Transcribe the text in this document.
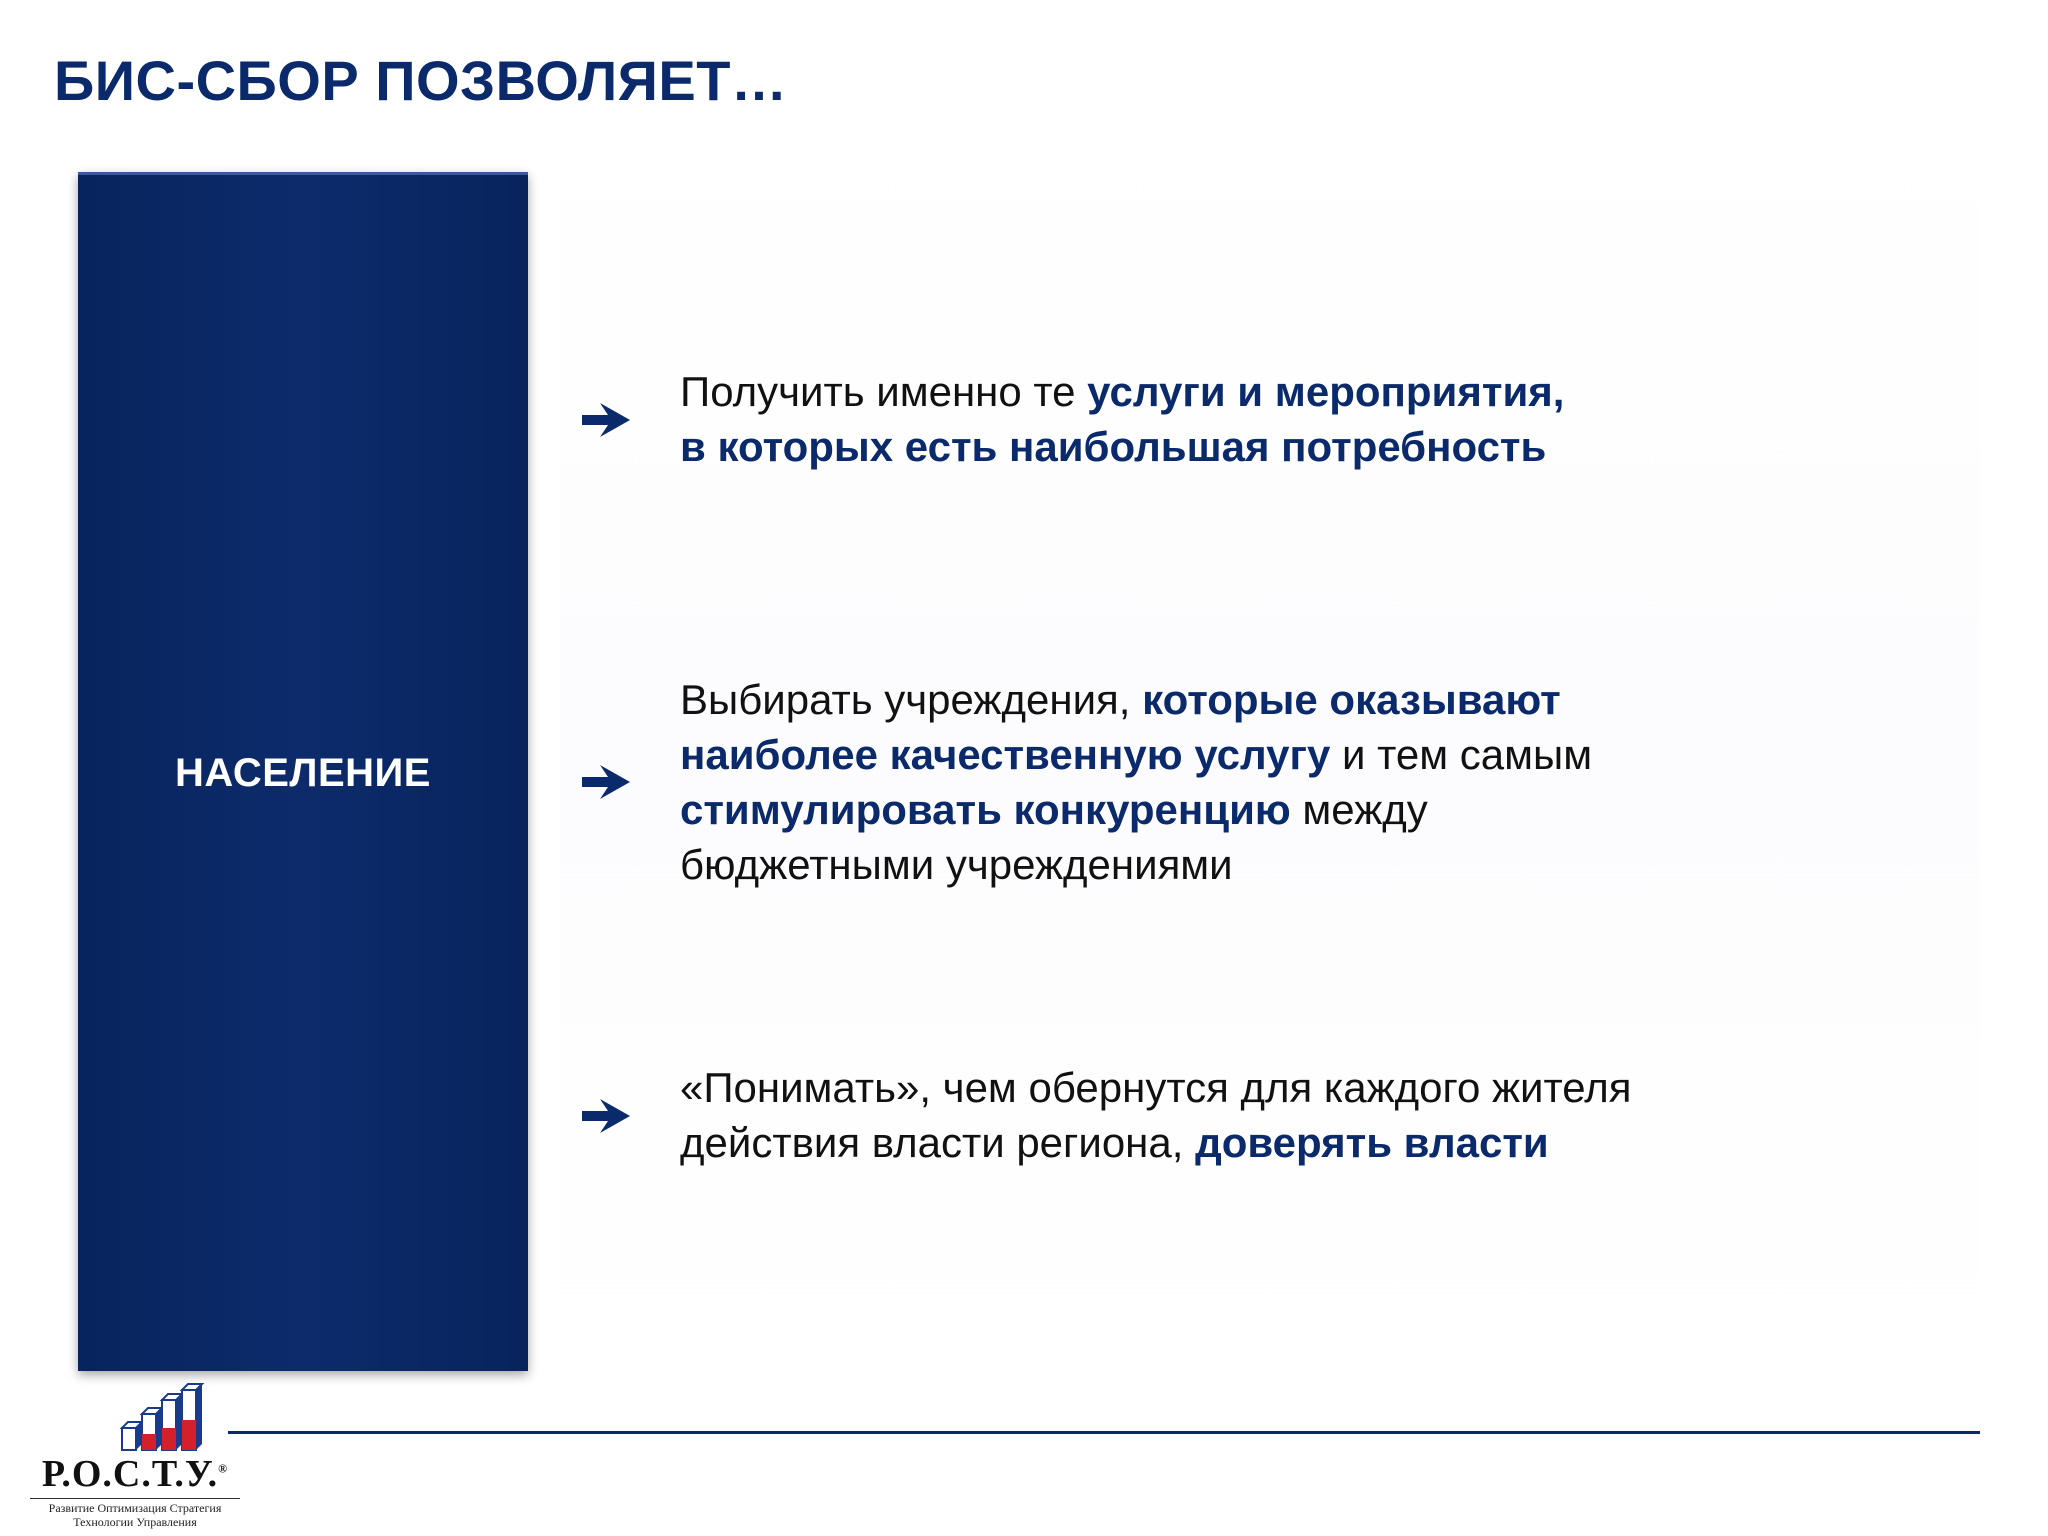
БИС-СБОР ПОЗВОЛЯЕТ…
НАСЕЛЕНИЕ
Получить именно те услуги и мероприятия,
в которых есть наибольшая потребность
Выбирать учреждения, которые оказывают
наиболее качественную услугу и тем самым
стимулировать конкуренцию между
бюджетными учреждениями
«Понимать», чем обернутся для каждого жителя
действия власти региона, доверять власти
Р.О.С.Т.У.®
Развитие Оптимизация Стратегия
Технологии Управления
